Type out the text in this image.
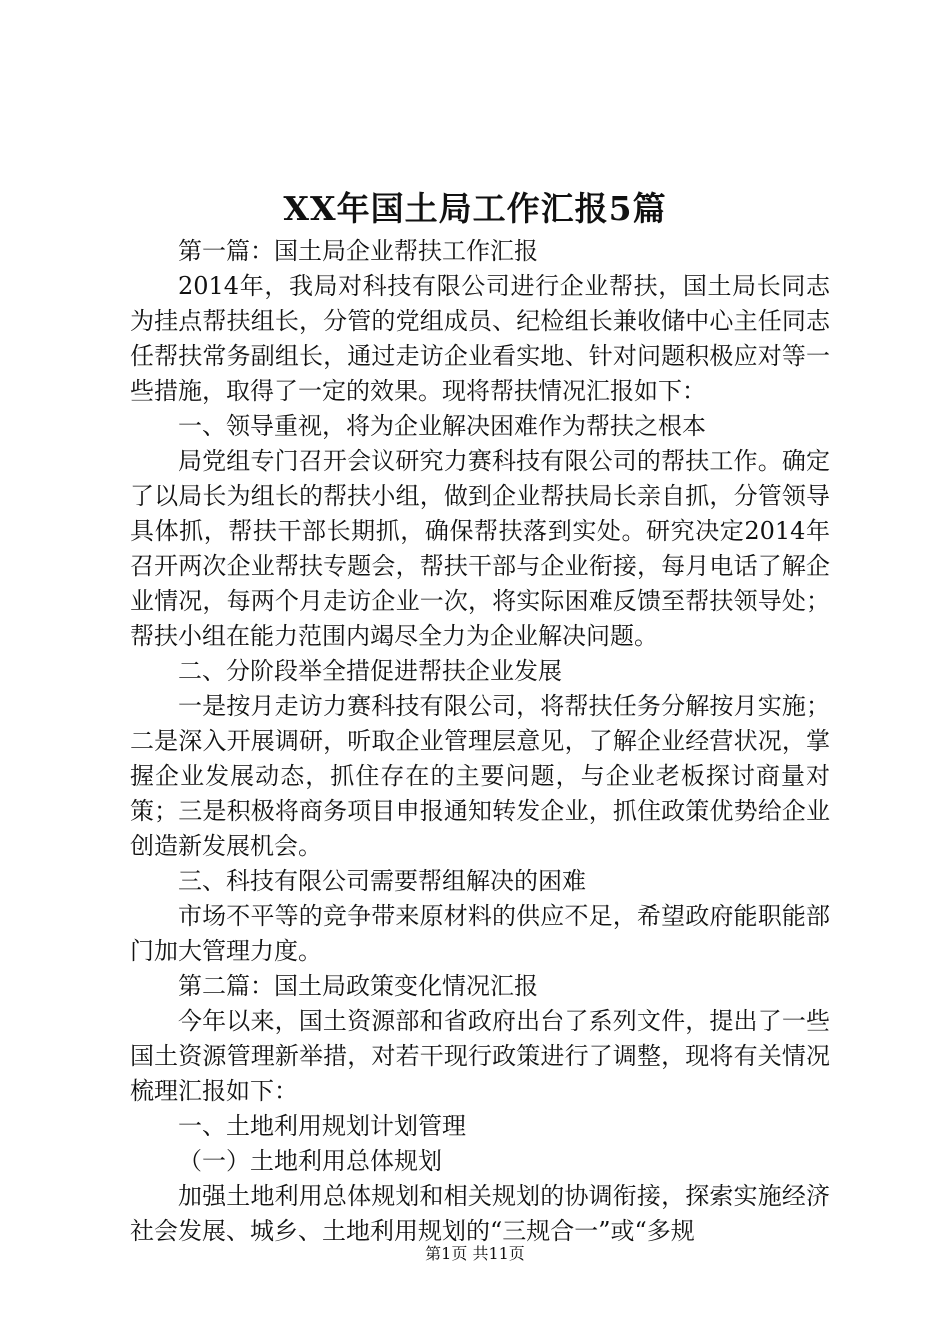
XX年国土局工作汇报5篇

第一篇：国土局企业帮扶工作汇报

2014年，我局对科技有限公司进行企业帮扶，国土局长同志为挂点帮扶组长，分管的党组成员、纪检组长兼收储中心主任同志任帮扶常务副组长，通过走访企业看实地、针对问题积极应对等一些措施，取得了一定的效果。现将帮扶情况汇报如下：

一、领导重视，将为企业解决困难作为帮扶之根本

局党组专门召开会议研究力赛科技有限公司的帮扶工作。确定了以局长为组长的帮扶小组，做到企业帮扶局长亲自抓，分管领导具体抓，帮扶干部长期抓，确保帮扶落到实处。研究决定2014年召开两次企业帮扶专题会，帮扶干部与企业衔接，每月电话了解企业情况，每两个月走访企业一次，将实际困难反馈至帮扶领导处；帮扶小组在能力范围内竭尽全力为企业解决问题。

二、分阶段举全措促进帮扶企业发展

一是按月走访力赛科技有限公司，将帮扶任务分解按月实施；二是深入开展调研，听取企业管理层意见，了解企业经营状况，掌握企业发展动态，抓住存在的主要问题，与企业老板探讨商量对策；三是积极将商务项目申报通知转发企业，抓住政策优势给企业创造新发展机会。

三、科技有限公司需要帮组解决的困难

市场不平等的竞争带来原材料的供应不足，希望政府能职能部门加大管理力度。

第二篇：国土局政策变化情况汇报

今年以来，国土资源部和省政府出台了系列文件，提出了一些国土资源管理新举措，对若干现行政策进行了调整，现将有关情况梳理汇报如下：

一、土地利用规划计划管理

（一）土地利用总体规划

加强土地利用总体规划和相关规划的协调衔接，探索实施经济社会发展、城乡、土地利用规划的“三规合一”或“多规

第1页 共11页
